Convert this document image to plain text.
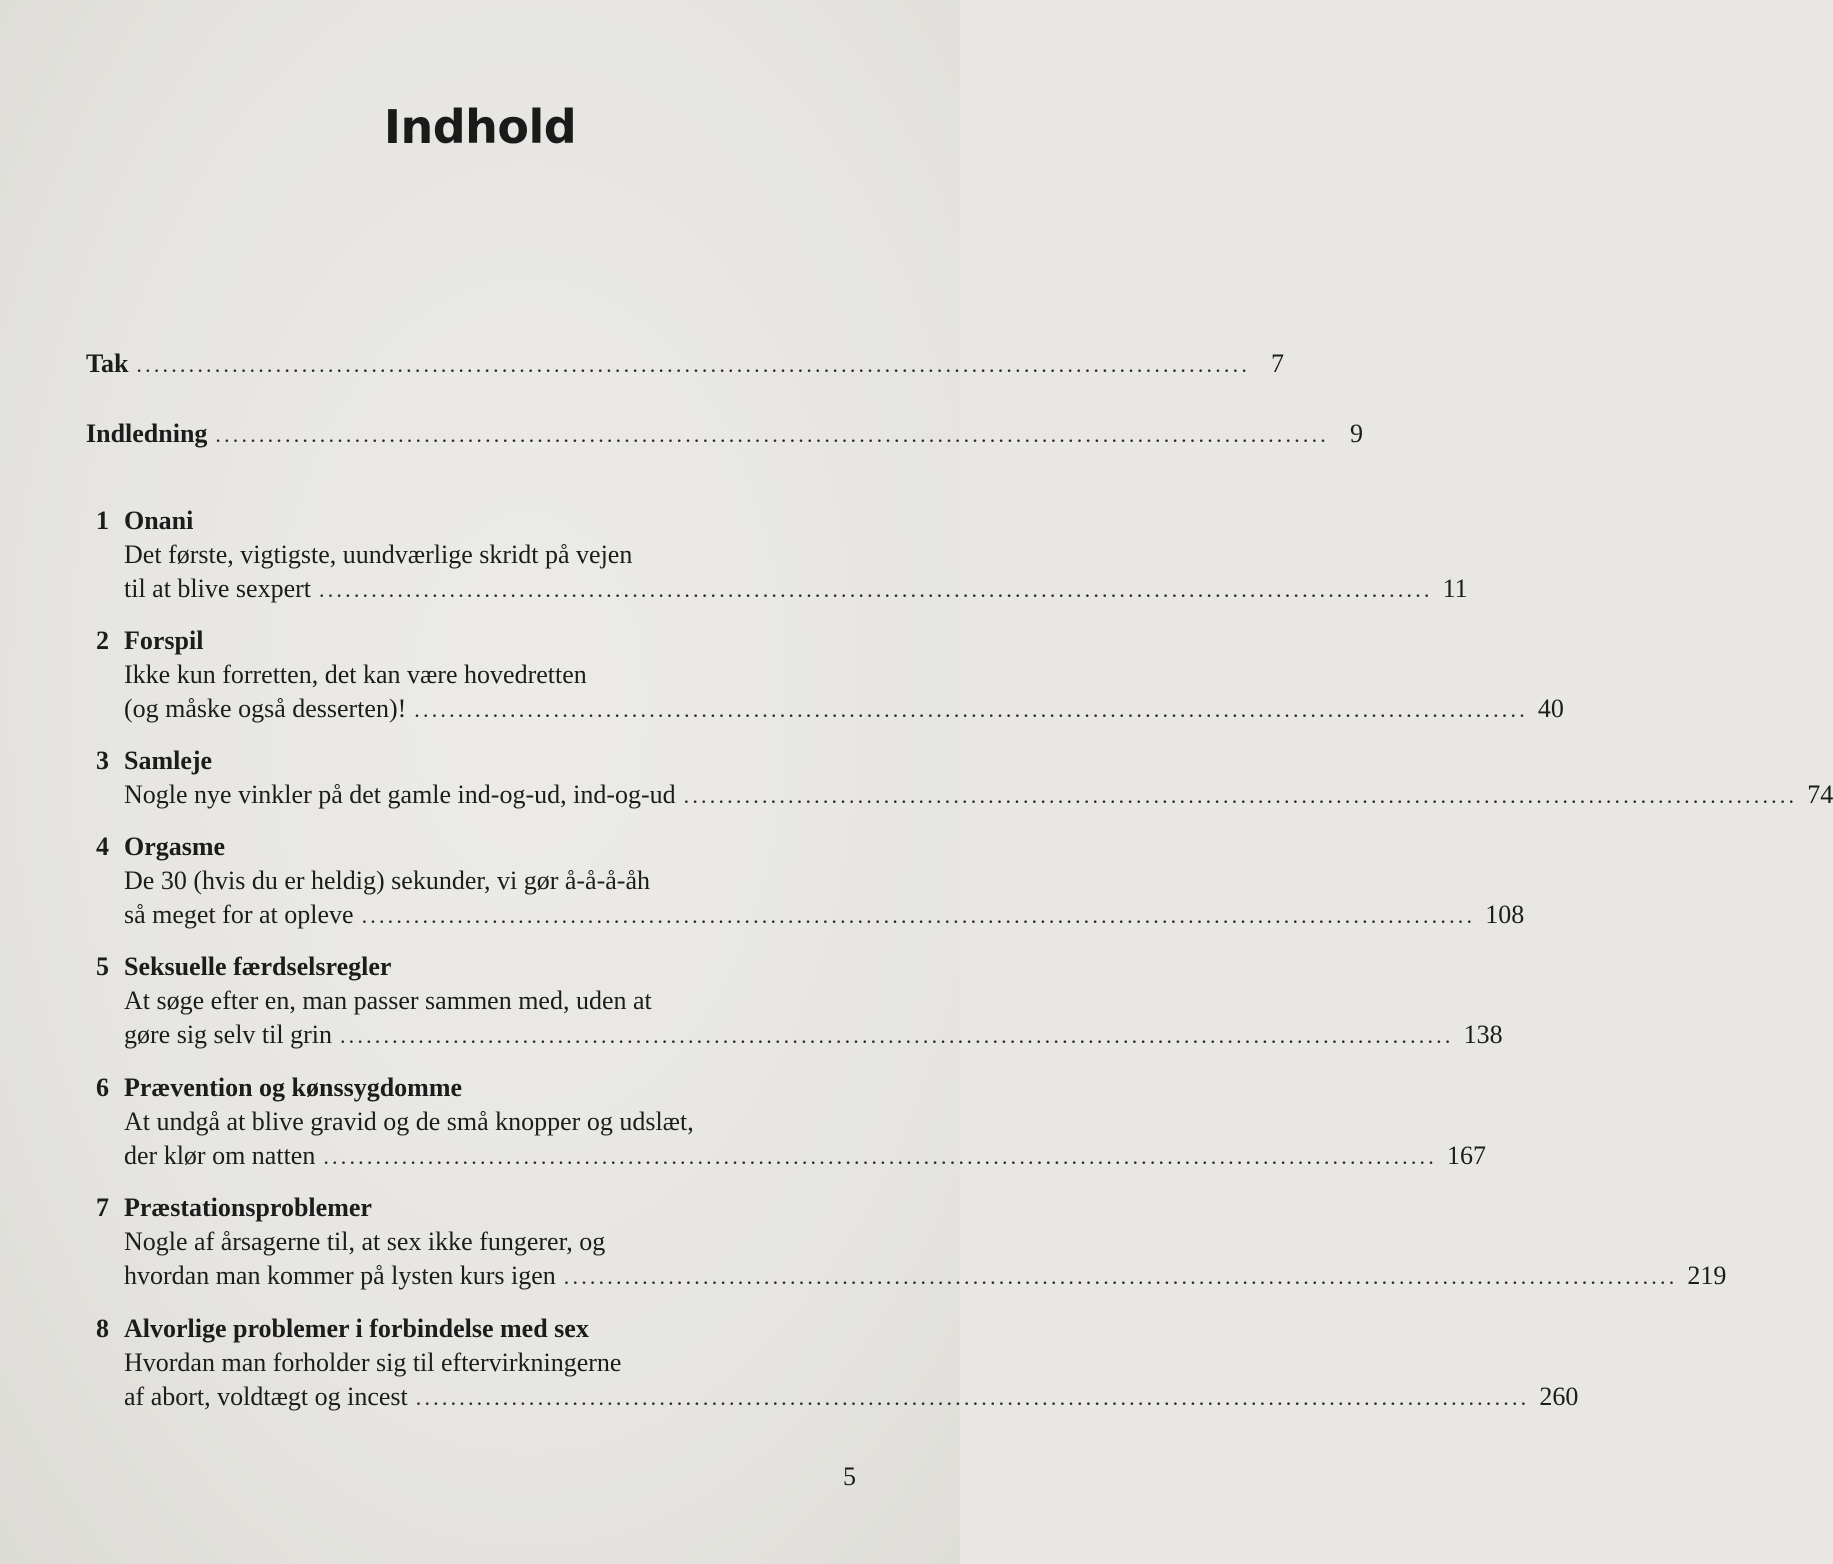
Indhold
Tak ................................................................................................................................ 7
Indledning ................................................................................................................................ 9
1 Onani
Det første, vigtigste, uundværlige skridt på vejen
til at blive sexpert ................................................................................................................................ 11
2 Forspil
Ikke kun forretten, det kan være hovedretten
(og måske også desserten)! ................................................................................................................................ 40
3 Samleje
Nogle nye vinkler på det gamle ind-og-ud, ind-og-ud ................................................................................................................................ 74
4 Orgasme
De 30 (hvis du er heldig) sekunder, vi gør å-å-å-åh
så meget for at opleve ................................................................................................................................ 108
5 Seksuelle færdselsregler
At søge efter en, man passer sammen med, uden at
gøre sig selv til grin ................................................................................................................................ 138
6 Prævention og kønssygdomme
At undgå at blive gravid og de små knopper og udslæt,
der klør om natten ................................................................................................................................ 167
7 Præstationsproblemer
Nogle af årsagerne til, at sex ikke fungerer, og
hvordan man kommer på lysten kurs igen ................................................................................................................................ 219
8 Alvorlige problemer i forbindelse med sex
Hvordan man forholder sig til eftervirkningerne
af abort, voldtægt og incest ................................................................................................................................ 260
5
